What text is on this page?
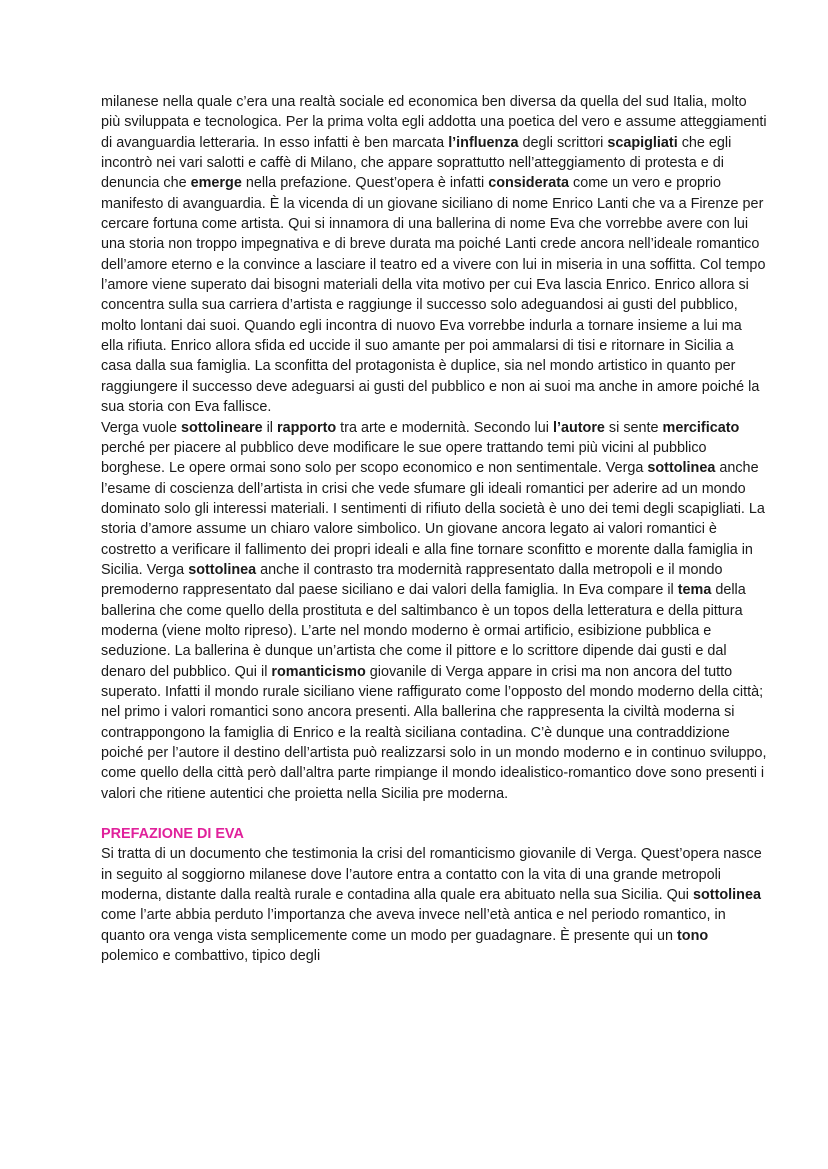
milanese nella quale c’era una realtà sociale ed economica ben diversa da quella del sud Italia, molto più sviluppata e tecnologica. Per la prima volta egli addotta una poetica del vero e assume atteggiamenti di avanguardia letteraria. In esso infatti è ben marcata l’influenza degli scrittori scapigliati che egli incontrò nei vari salotti e caffè di Milano, che appare soprattutto nell’atteggiamento di protesta e di denuncia che emerge nella prefazione. Quest’opera è infatti considerata come un vero e proprio manifesto di avanguardia. È la vicenda di un giovane siciliano di nome Enrico Lanti che va a Firenze per cercare fortuna come artista. Qui si innamora di una ballerina di nome Eva che vorrebbe avere con lui una storia non troppo impegnativa e di breve durata ma poiché Lanti crede ancora nell’ideale romantico dell’amore eterno e la convince a lasciare il teatro ed a vivere con lui in miseria in una soffitta. Col tempo l’amore viene superato dai bisogni materiali della vita motivo per cui Eva lascia Enrico. Enrico allora si concentra sulla sua carriera d’artista e raggiunge il successo solo adeguandosi ai gusti del pubblico, molto lontani dai suoi. Quando egli incontra di nuovo Eva vorrebbe indurla a tornare insieme a lui ma ella rifiuta. Enrico allora sfida ed uccide il suo amante per poi ammalarsi di tisi e ritornare in Sicilia a casa dalla sua famiglia. La sconfitta del protagonista è duplice, sia nel mondo artistico in quanto per raggiungere il successo deve adeguarsi ai gusti del pubblico e non ai suoi ma anche in amore poiché la sua storia con Eva fallisce.

Verga vuole sottolineare il rapporto tra arte e modernità. Secondo lui l’autore si sente mercificato perché per piacere al pubblico deve modificare le sue opere trattando temi più vicini al pubblico borghese. Le opere ormai sono solo per scopo economico e non sentimentale. Verga sottolinea anche l’esame di coscienza dell’artista in crisi che vede sfumare gli ideali romantici per aderire ad un mondo dominato solo gli interessi materiali. I sentimenti di rifiuto della società è uno dei temi degli scapigliati. La storia d’amore assume un chiaro valore simbolico. Un giovane ancora legato ai valori romantici è costretto a verificare il fallimento dei propri ideali e alla fine tornare sconfitto e morente dalla famiglia in Sicilia. Verga sottolinea anche il contrasto tra modernità rappresentato dalla metropoli e il mondo premoderno rappresentato dal paese siciliano e dai valori della famiglia. In Eva compare il tema della ballerina che come quello della prostituta e del saltimbanco è un topos della letteratura e della pittura moderna (viene molto ripreso). L’arte nel mondo moderno è ormai artificio, esibizione pubblica e seduzione. La ballerina è dunque un’artista che come il pittore e lo scrittore dipende dai gusti e dal denaro del pubblico. Qui il romanticismo giovanile di Verga appare in crisi ma non ancora del tutto superato. Infatti il mondo rurale siciliano viene raffigurato come l’opposto del mondo moderno della città; nel primo i valori romantici sono ancora presenti. Alla ballerina che rappresenta la civiltà moderna si contrappongono la famiglia di Enrico e la realtà siciliana contadina. C’è dunque una contraddizione poiché per l’autore il destino dell’artista può realizzarsi solo in un mondo moderno e in continuo sviluppo, come quello della città però dall’altra parte rimpiange il mondo idealistico-romantico dove sono presenti i valori che ritiene autentici che proietta nella Sicilia pre moderna.

PREFAZIONE DI EVA

Si tratta di un documento che testimonia la crisi del romanticismo giovanile di Verga. Quest’opera nasce in seguito al soggiorno milanese dove l’autore entra a contatto con la vita di una grande metropoli moderna, distante dalla realtà rurale e contadina alla quale era abituato nella sua Sicilia. Qui sottolinea come l’arte abbia perduto l’importanza che aveva invece nell’età antica e nel periodo romantico, in quanto ora venga vista semplicemente come un modo per guadagnare. È presente qui un tono polemico e combattivo, tipico degli
